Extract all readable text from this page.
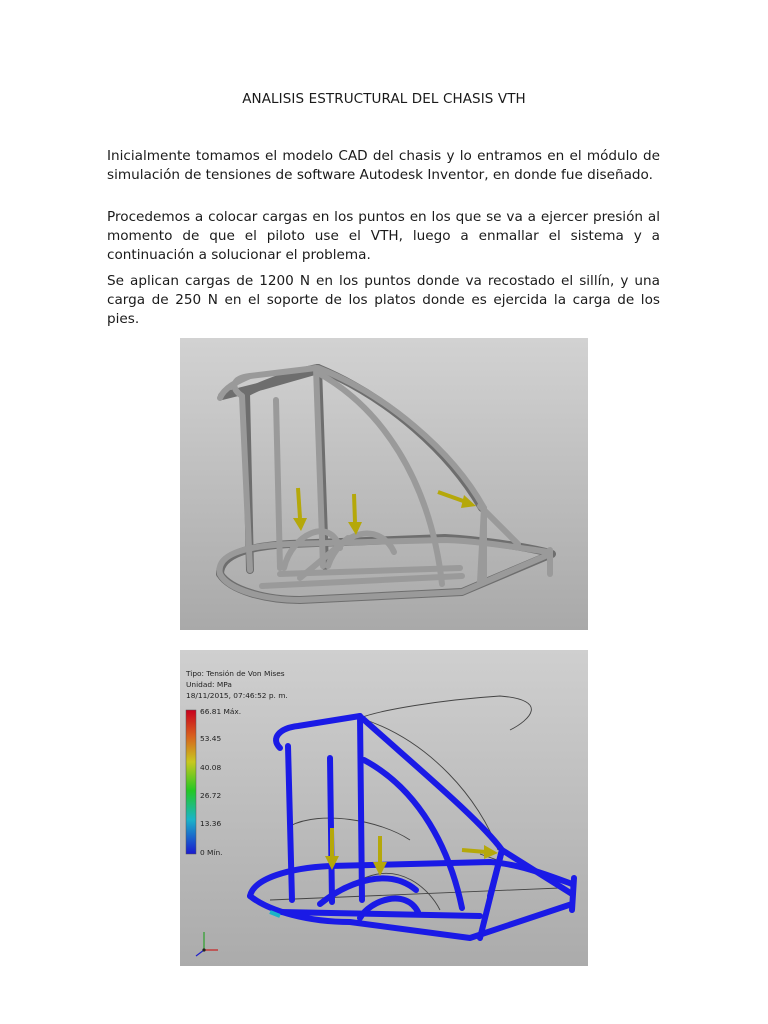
ANALISIS ESTRUCTURAL DEL CHASIS VTH

Inicialmente tomamos el modelo CAD del chasis y lo entramos en el módulo de simulación de tensiones de software Autodesk Inventor, en donde fue diseñado.

Procedemos a colocar cargas en los puntos en los que se va a ejercer presión al momento de que el piloto use el VTH, luego a enmallar el sistema y a continuación a solucionar el problema.

Se aplican cargas de 1200 N en los puntos donde va recostado el sillín, y una carga de 250 N en el soporte de los platos donde es ejercida la carga de los pies.

Tipo: Tensión de Von Mises
Unidad: MPa
18/11/2015, 07:46:52 p. m.
66.81 Máx.
53.45
40.08
26.72
13.36
0 Mín.
